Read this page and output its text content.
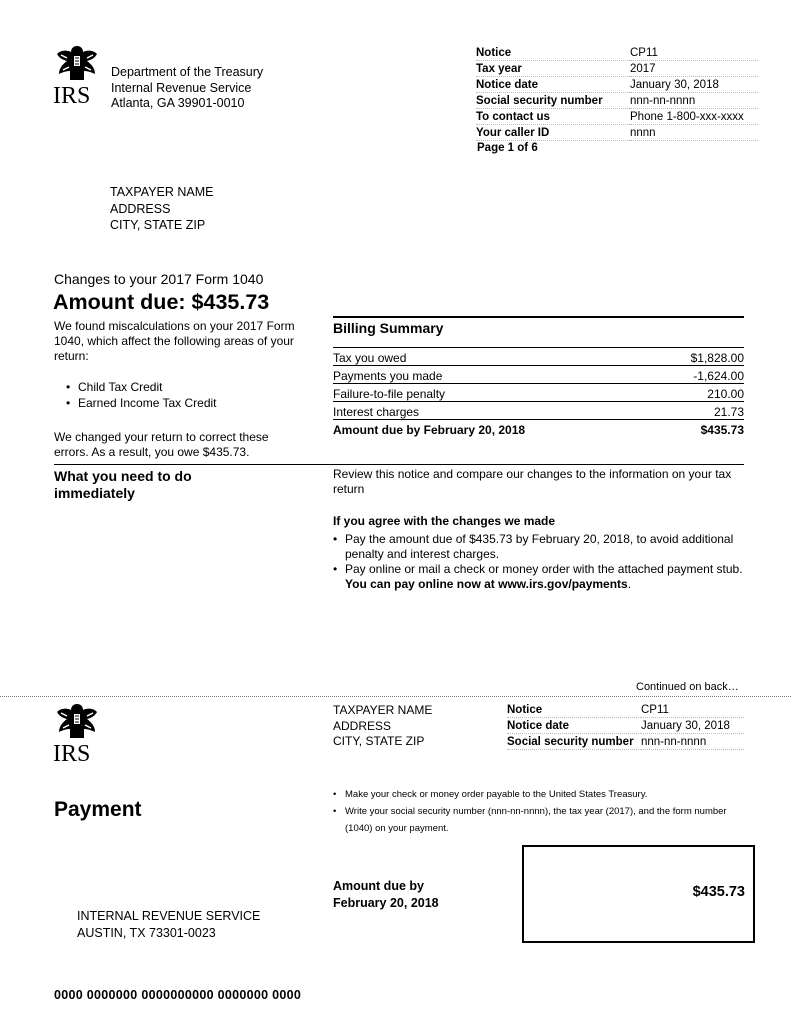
IRS
Department of the Treasury
Internal Revenue Service
Atlanta, GA 39901-0010
Notice	CP11
Tax year	2017
Notice date	January 30, 2018
Social security number	nnn-nn-nnnn
To contact us	Phone 1-800-xxx-xxxx
Your caller ID	nnnn
Page 1 of 6
TAXPAYER NAME
ADDRESS
CITY, STATE ZIP
Changes to your 2017 Form 1040
Amount due: $435.73
We found miscalculations on your 2017 Form 1040, which affect the following areas of your return:
• Child Tax Credit
• Earned Income Tax Credit
We changed your return to correct these errors. As a result, you owe $435.73.
Billing Summary
Tax you owed	$1,828.00
Payments you made	-1,624.00
Failure-to-file penalty	210.00
Interest charges	21.73
Amount due by February 20, 2018	$435.73
What you need to do immediately
Review this notice and compare our changes to the information on your tax return
If you agree with the changes we made
• Pay the amount due of $435.73 by February 20, 2018, to avoid additional penalty and interest charges.
• Pay online or mail a check or money order with the attached payment stub. You can pay online now at www.irs.gov/payments.
Continued on back…
IRS
TAXPAYER NAME
ADDRESS
CITY, STATE ZIP
Notice	CP11
Notice date	January 30, 2018
Social security number	nnn-nn-nnnn
Payment
• Make your check or money order payable to the United States Treasury.
• Write your social security number (nnn-nn-nnnn), the tax year (2017), and the form number (1040) on your payment.
Amount due by
February 20, 2018
$435.73
INTERNAL REVENUE SERVICE
AUSTIN, TX 73301-0023
0000 0000000 0000000000 0000000 0000
